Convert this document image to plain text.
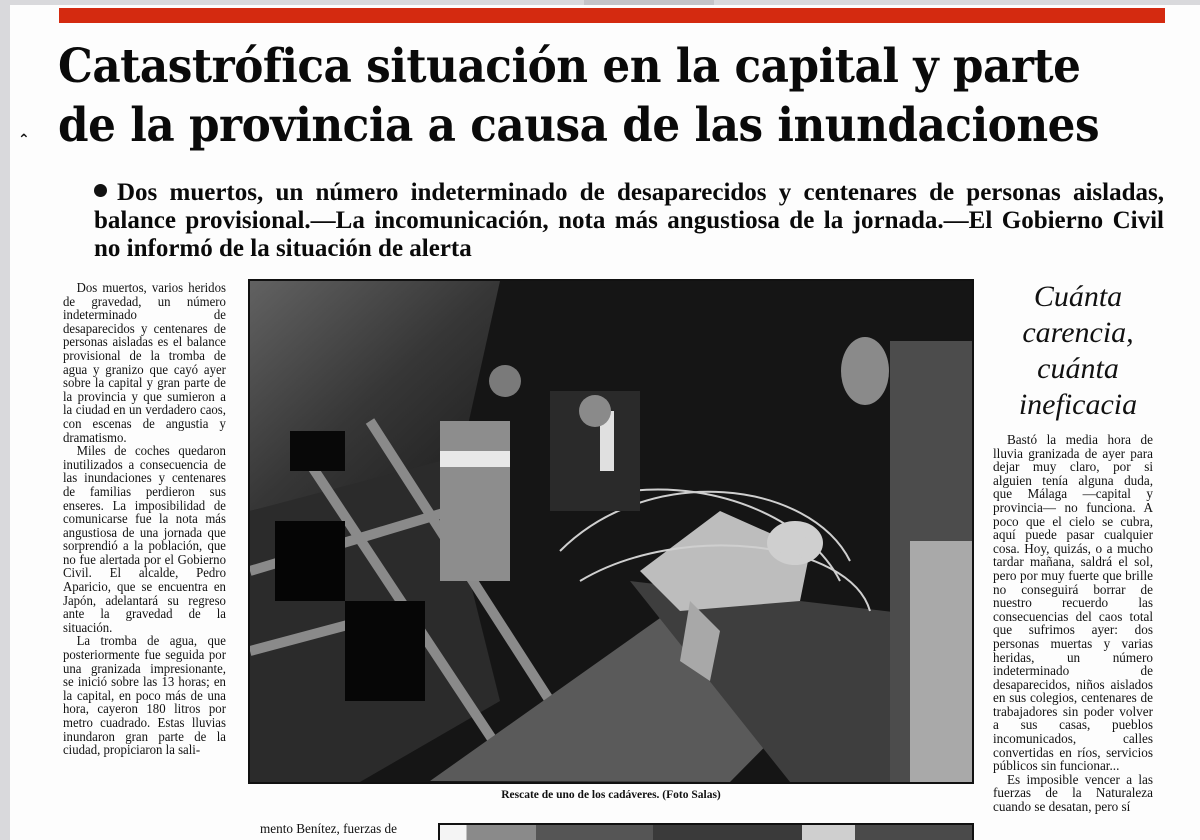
⌃
Catastrófica situación en la capital y parte
de la provincia a causa de las inundaciones
Dos muertos, un número indeterminado de desaparecidos y centenares de personas aisladas, balance provisional.—La incomunicación, nota más angustiosa de la jornada.—El Gobierno Civil no informó de la situación de alerta

Dos muertos, varios heridos de gravedad, un número indeterminado de desaparecidos y centenares de personas aisladas es el balance provisional de la tromba de agua y granizo que cayó ayer sobre la capital y gran parte de la provincia y que sumieron a la ciudad en un verdadero caos, con escenas de angustia y dramatismo.

Miles de coches quedaron inutilizados a consecuencia de las inundaciones y centenares de familias perdieron sus enseres. La imposibilidad de comunicarse fue la nota más angustiosa de una jornada que sorprendió a la población, que no fue alertada por el Gobierno Civil. El alcalde, Pedro Aparicio, que se encuentra en Japón, adelantará su regreso ante la gravedad de la situación.

La tromba de agua, que posteriormente fue seguida por una granizada impresionante, se inició sobre las 13 horas; en la capital, en poco más de una hora, cayeron 180 litros por metro cuadrado. Estas lluvias inundaron gran parte de la ciudad, propiciaron la sali-

Rescate de uno de los cadáveres. (Foto Salas)
Cuánta carencia, cuánta ineficacia

Bastó la media hora de lluvia granizada de ayer para dejar muy claro, por si alguien tenía alguna duda, que Málaga —capital y provincia— no funciona. A poco que el cielo se cubra, aquí puede pasar cualquier cosa. Hoy, quizás, o a mucho tardar mañana, saldrá el sol, pero por muy fuerte que brille no conseguirá borrar de nuestro recuerdo las consecuencias del caos total que sufrimos ayer: dos personas muertas y varias heridas, un número indeterminado de desaparecidos, niños aislados en sus colegios, centenares de trabajadores sin poder volver a sus casas, pueblos incomunicados, calles convertidas en ríos, servicios públicos sin funcionar...

Es imposible vencer a las fuerzas de la Naturaleza cuando se desatan, pero sí

mento Benítez, fuerzas de
